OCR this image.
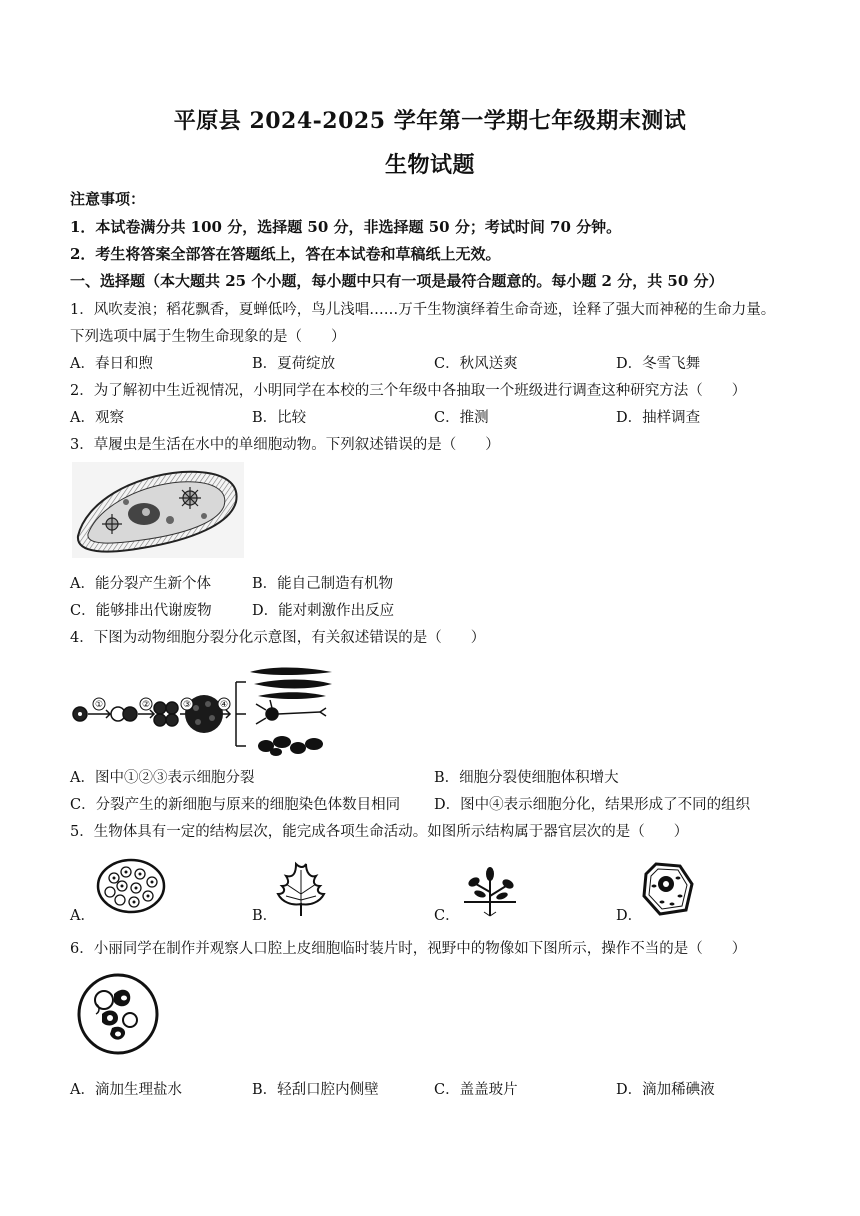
平原县 2024-2025 学年第一学期七年级期末测试
生物试题
注意事项：
1．本试卷满分共 100 分，选择题 50 分，非选择题 50 分；考试时间 70 分钟。
2．考生将答案全部答在答题纸上，答在本试卷和草稿纸上无效。
一、选择题（本大题共 25 个小题，每小题中只有一项是最符合题意的。每小题 2 分，共 50 分）
1．风吹麦浪；稻花飘香，夏蝉低吟，鸟儿浅唱……万千生物演绎着生命奇迹，诠释了强大而神秘的生命力量。
下列选项中属于生物生命现象的是（　　）
A．春日和煦	B．夏荷绽放	C．秋风送爽	D．冬雪飞舞
2．为了解初中生近视情况，小明同学在本校的三个年级中各抽取一个班级进行调查这种研究方法（　　）
A．观察	B．比较	C．推测	D．抽样调查
3．草履虫是生活在水中的单细胞动物。下列叙述错误的是（　　）
A．能分裂产生新个体	B．能自己制造有机物
C．能够排出代谢废物	D．能对刺激作出反应
4．下图为动物细胞分裂分化示意图，有关叙述错误的是（　　）
①	②	③	④
A．图中①②③表示细胞分裂	B．细胞分裂使细胞体积增大
C．分裂产生的新细胞与原来的细胞染色体数目相同 D．图中④表示细胞分化，结果形成了不同的组织
5．生物体具有一定的结构层次，能完成各项生命活动。如图所示结构属于器官层次的是（　　）
A．	B．	C．	D．
6．小丽同学在制作并观察人口腔上皮细胞临时装片时，视野中的物像如下图所示，操作不当的是（　　）
A．滴加生理盐水	B．轻刮口腔内侧壁	C．盖盖玻片	D．滴加稀碘液
